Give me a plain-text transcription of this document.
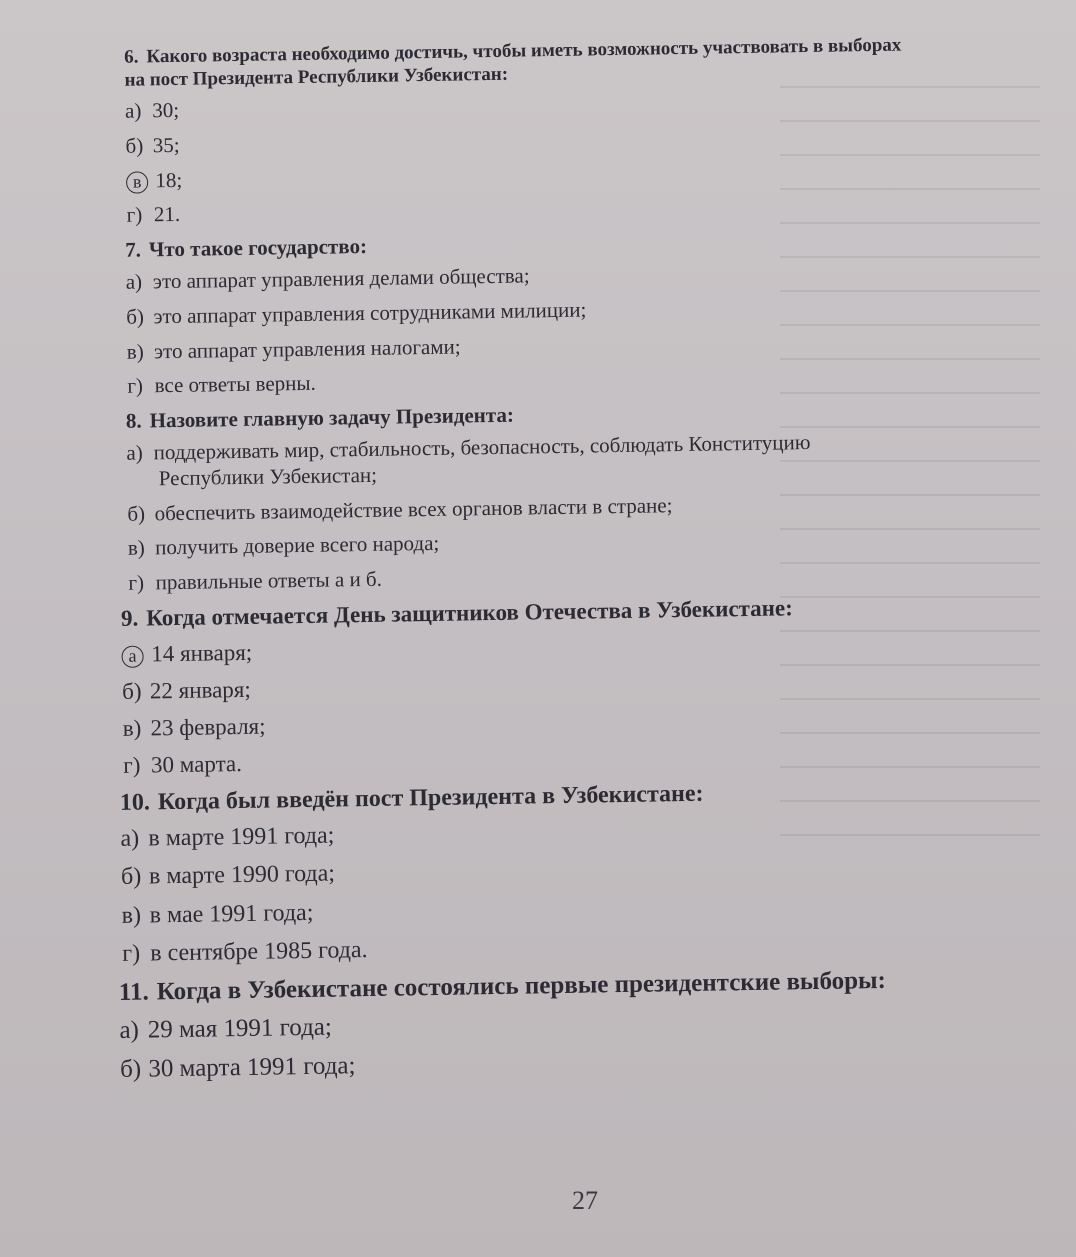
6. Какого возраста необходимо достичь, чтобы иметь возможность участвовать в выборах на пост Президента Республики Узбекистан:
а) 30;
б) 35;
в 18;
г) 21.
7. Что такое государство:
а) это аппарат управления делами общества;
б) это аппарат управления сотрудниками милиции;
в) это аппарат управления налогами;
г) все ответы верны.
8. Назовите главную задачу Президента:
а) поддерживать мир, стабильность, безопасность, соблюдать Конституцию
Республики Узбекистан;
б) обеспечить взаимодействие всех органов власти в стране;
в) получить доверие всего народа;
г) правильные ответы а и б.
9. Когда отмечается День защитников Отечества в Узбекистане:
а 14 января;
б) 22 января;
в) 23 февраля;
г) 30 марта.
10. Когда был введён пост Президента в Узбекистане:
а) в марте 1991 года;
б) в марте 1990 года;
в) в мае 1991 года;
г) в сентябре 1985 года.
11. Когда в Узбекистане состоялись первые президентские выборы:
а) 29 мая 1991 года;
б) 30 марта 1991 года;
27
